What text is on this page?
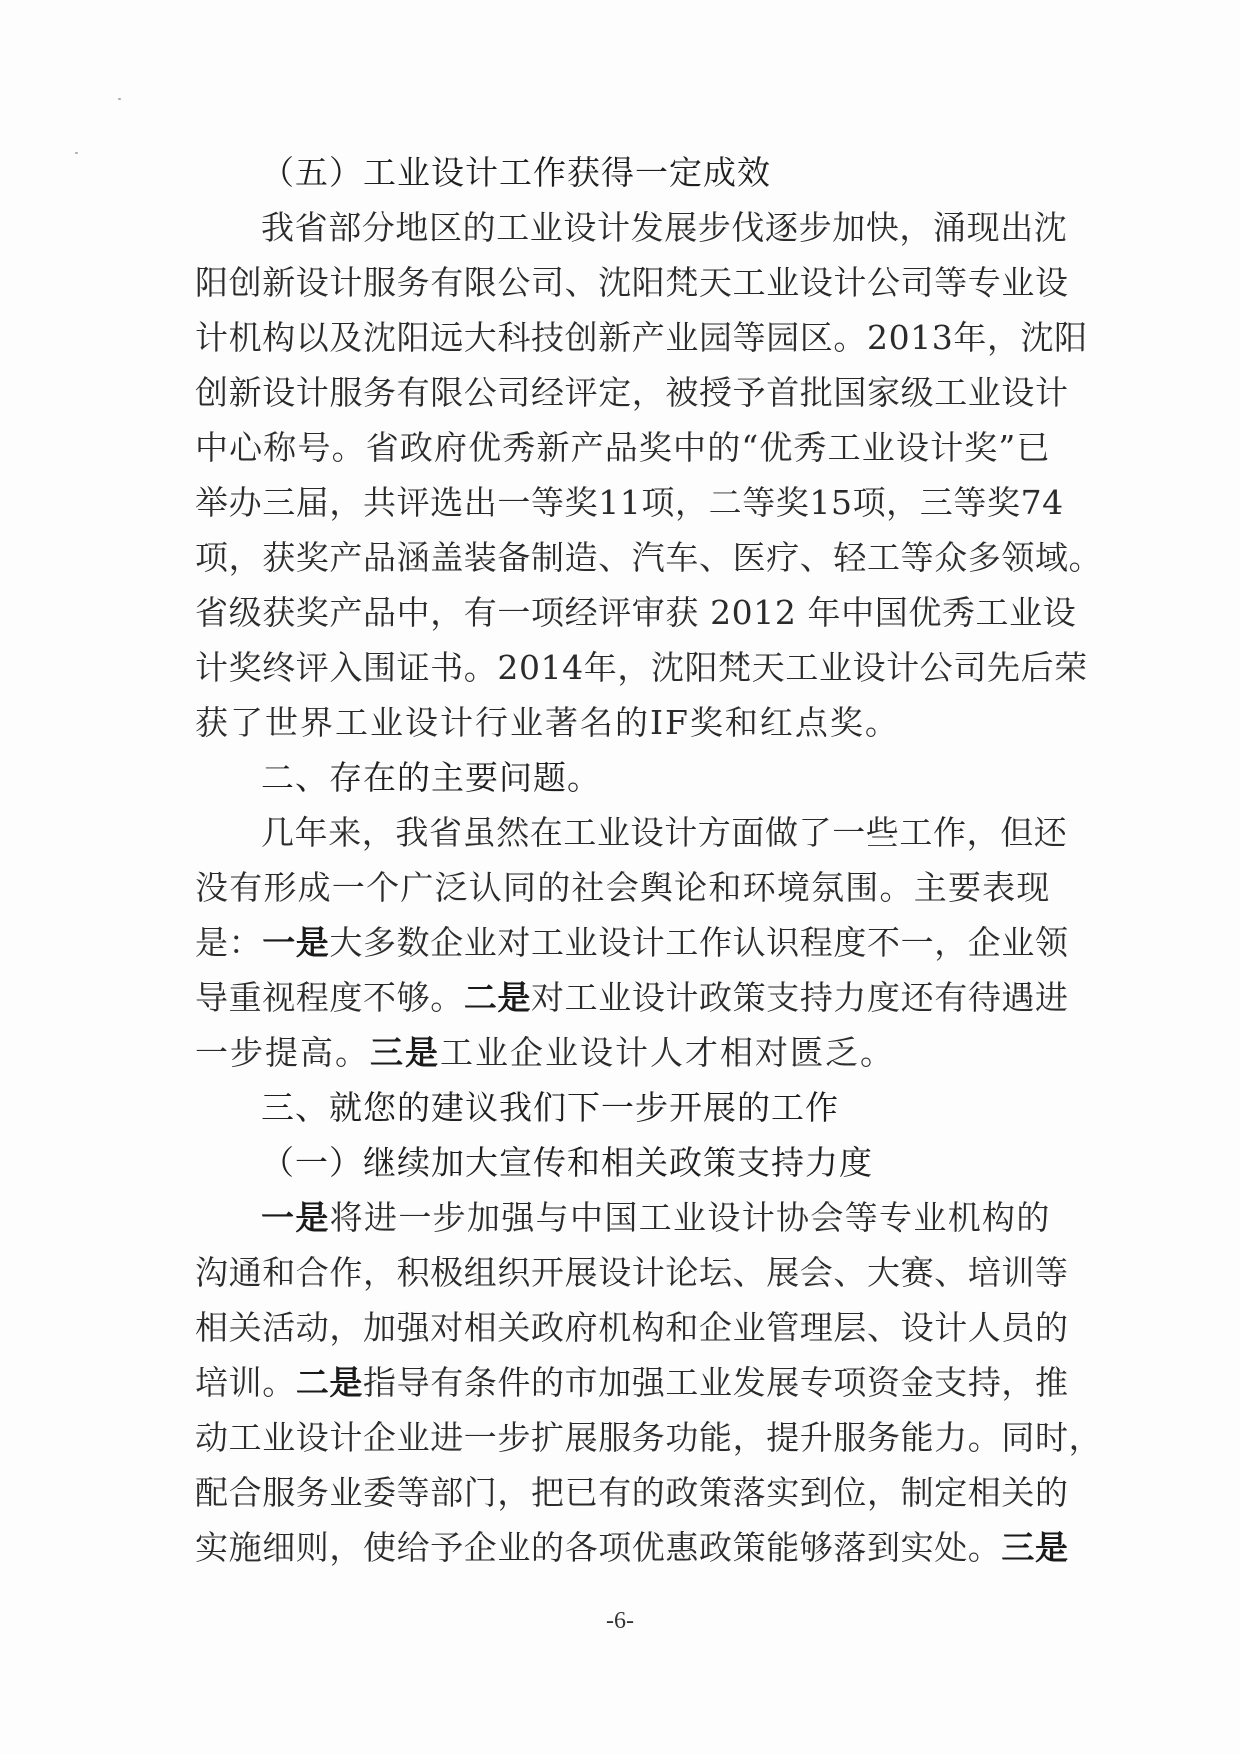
（五）工业设计工作获得一定成效
我省部分地区的工业设计发展步伐逐步加快，涌现出沈
阳创新设计服务有限公司、沈阳梵天工业设计公司等专业设
计机构以及沈阳远大科技创新产业园等园区。2013年，沈阳
创新设计服务有限公司经评定，被授予首批国家级工业设计
中心称号。省政府优秀新产品奖中的“优秀工业设计奖”已
举办三届，共评选出一等奖11项，二等奖15项，三等奖74
项，获奖产品涵盖装备制造、汽车、医疗、轻工等众多领域。
省级获奖产品中，有一项经评审获 2012 年中国优秀工业设
计奖终评入围证书。2014年，沈阳梵天工业设计公司先后荣
获了世界工业设计行业著名的IF奖和红点奖。
二、存在的主要问题。
几年来，我省虽然在工业设计方面做了一些工作，但还
没有形成一个广泛认同的社会舆论和环境氛围。主要表现
是：一是大多数企业对工业设计工作认识程度不一，企业领
导重视程度不够。二是对工业设计政策支持力度还有待遇进
一步提高。三是工业企业设计人才相对匮乏。
三、就您的建议我们下一步开展的工作
（一）继续加大宣传和相关政策支持力度
一是将进一步加强与中国工业设计协会等专业机构的
沟通和合作，积极组织开展设计论坛、展会、大赛、培训等
相关活动，加强对相关政府机构和企业管理层、设计人员的
培训。二是指导有条件的市加强工业发展专项资金支持，推
动工业设计企业进一步扩展服务功能，提升服务能力。同时，
配合服务业委等部门，把已有的政策落实到位，制定相关的
实施细则，使给予企业的各项优惠政策能够落到实处。三是
-6-
